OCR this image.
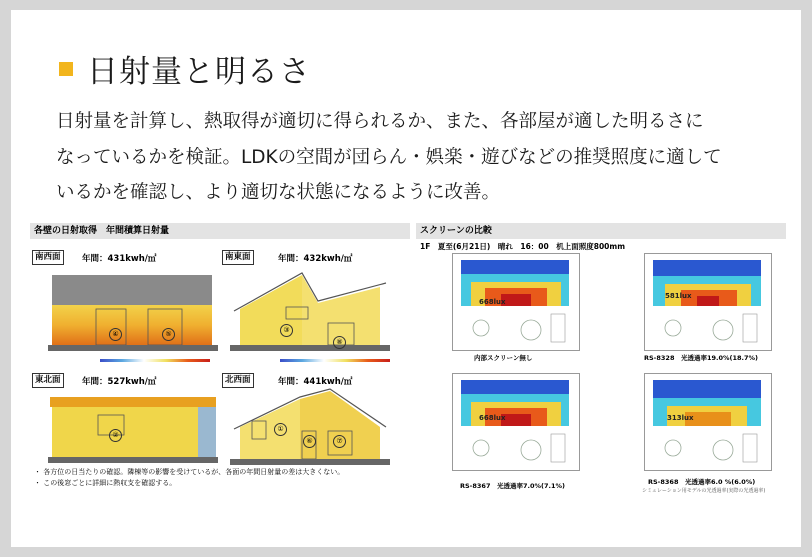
日射量と明るさ
日射量を計算し、熱取得が適切に得られるか、また、各部屋が適した明るさに
なっているかを検証。LDKの空間が団らん・娯楽・遊びなどの推奨照度に適して
いるかを確認し、より適切な状態になるように改善。
各壁の日射取得　年間積算日射量
南西面	年間：431kwh/㎡
④	⑤
南東面	年間：432kwh/㎡
③
⑧
東北面	年間：527kwh/㎡
②
北西面	年間：441kwh/㎡
①
⑥	⑦
・ 各方位の日当たりの確認。隣棟等の影響を受けているが、各面の年間日射量の差は大きくない。
・ この後窓ごとに詳細に熱収支を確認する。
スクリーンの比較
1F　夏至(6月21日)　晴れ　16：00　机上面照度800mm
668lux
内部スクリーン無し
581lux
RS-8328　光透過率19.0%(18.7%)
668lux
RS-8367　光透過率7.0%(7.1%)
313lux
RS-8368　光透過率6.0 %(6.0%)
シミュレーション用モデルの光透過率(実際の光透過率)
